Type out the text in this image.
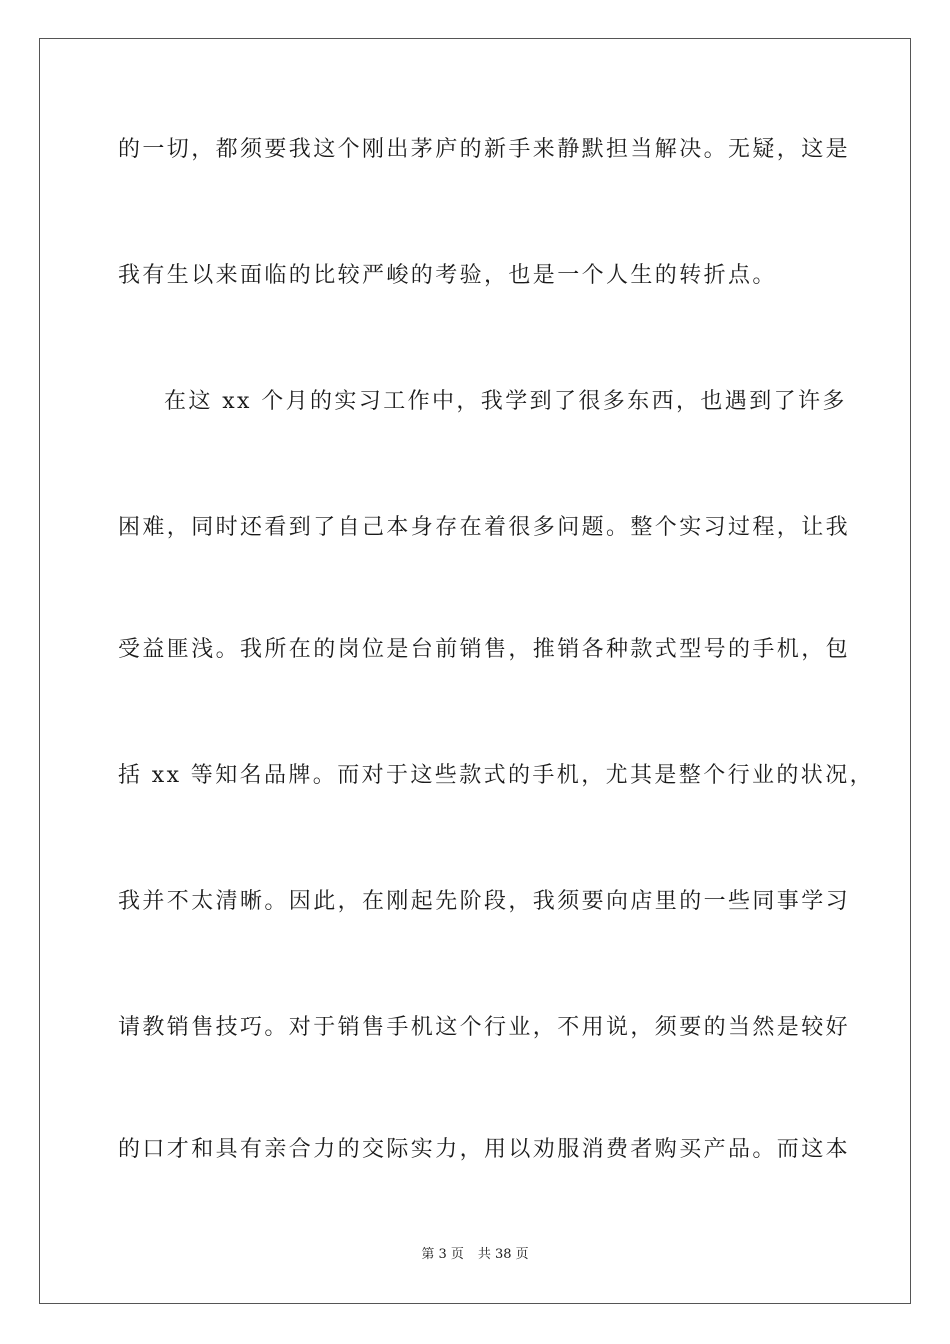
的一切，都须要我这个刚出茅庐的新手来静默担当解决。无疑，这是
我有生以来面临的比较严峻的考验，也是一个人生的转折点。
在这 xx 个月的实习工作中，我学到了很多东西，也遇到了许多
困难，同时还看到了自己本身存在着很多问题。整个实习过程，让我
受益匪浅。我所在的岗位是台前销售，推销各种款式型号的手机，包
括 xx 等知名品牌。而对于这些款式的手机，尤其是整个行业的状况，
我并不太清晰。因此，在刚起先阶段，我须要向店里的一些同事学习
请教销售技巧。对于销售手机这个行业，不用说，须要的当然是较好
的口才和具有亲合力的交际实力，用以劝服消费者购买产品。而这本
第 3 页 共 38 页
